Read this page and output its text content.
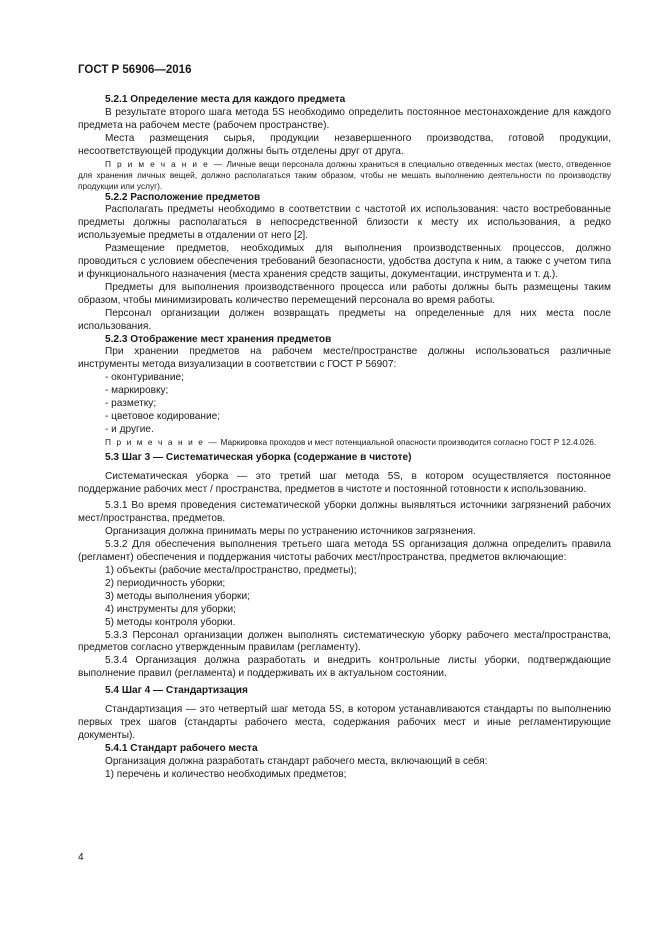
ГОСТ Р 56906—2016

5.2.1 Определение места для каждого предмета

В результате второго шага метода 5S необходимо определить постоянное местонахождение для каждого предмета на рабочем месте (рабочем пространстве).

Места размещения сырья, продукции незавершенного производства, готовой продукции, несоответствующей продукции должны быть отделены друг от друга.

П р и м е ч а н и е — Личные вещи персонала должны храниться в специально отведенных местах (место, отведенное для хранения личных вещей, должно располагаться таким образом, чтобы не мешать выполнению деятельности по производству продукции или услуг).

5.2.2 Расположение предметов

Располагать предметы необходимо в соответствии с частотой их использования: часто востребованные предметы должны располагаться в непосредственной близости к месту их использования, а редко используемые предметы в отдалении от него [2].

Размещение предметов, необходимых для выполнения производственных процессов, должно проводиться с условием обеспечения требований безопасности, удобства доступа к ним, а также с учетом типа и функционального назначения (места хранения средств защиты, документации, инструмента и т. д.).

Предметы для выполнения производственного процесса или работы должны быть размещены таким образом, чтобы минимизировать количество перемещений персонала во время работы.

Персонал организации должен возвращать предметы на определенные для них места после использования.

5.2.3 Отображение мест хранения предметов

При хранении предметов на рабочем месте/пространстве должны использоваться различные инструменты метода визуализации в соответствии с ГОСТ Р 56907:

- оконтуривание;

- маркировку;

- разметку;

- цветовое кодирование;

- и другие.

П р и м е ч а н и е — Маркировка проходов и мест потенциальной опасности производится согласно ГОСТ Р 12.4.026.

5.3 Шаг 3 — Систематическая уборка (содержание в чистоте)

Систематическая уборка — это третий шаг метода 5S, в котором осуществляется постоянное поддержание рабочих мест / пространства, предметов в чистоте и постоянной готовности к использованию.

5.3.1 Во время проведения систематической уборки должны выявляться источники загрязнений рабочих мест/пространства, предметов.

Организация должна принимать меры по устранению источников загрязнения.

5.3.2 Для обеспечения выполнения третьего шага метода 5S организация должна определить правила (регламент) обеспечения и поддержания чистоты рабочих мест/пространства, предметов включающие:

1) объекты (рабочие места/пространство, предметы);

2) периодичность уборки;

3) методы выполнения уборки;

4) инструменты для уборки;

5) методы контроля уборки.

5.3.3 Персонал организации должен выполнять систематическую уборку рабочего места/пространства, предметов согласно утвержденным правилам (регламенту).

5.3.4 Организация должна разработать и внедрить контрольные листы уборки, подтверждающие выполнение правил (регламента) и поддерживать их в актуальном состоянии.

5.4 Шаг 4 — Стандартизация

Стандартизация — это четвертый шаг метода 5S, в котором устанавливаются стандарты по выполнению первых трех шагов (стандарты рабочего места, содержания рабочих мест и иные регламентирующие документы).

5.4.1 Стандарт рабочего места

Организация должна разработать стандарт рабочего места, включающий в себя:

1) перечень и количество необходимых предметов;

4
